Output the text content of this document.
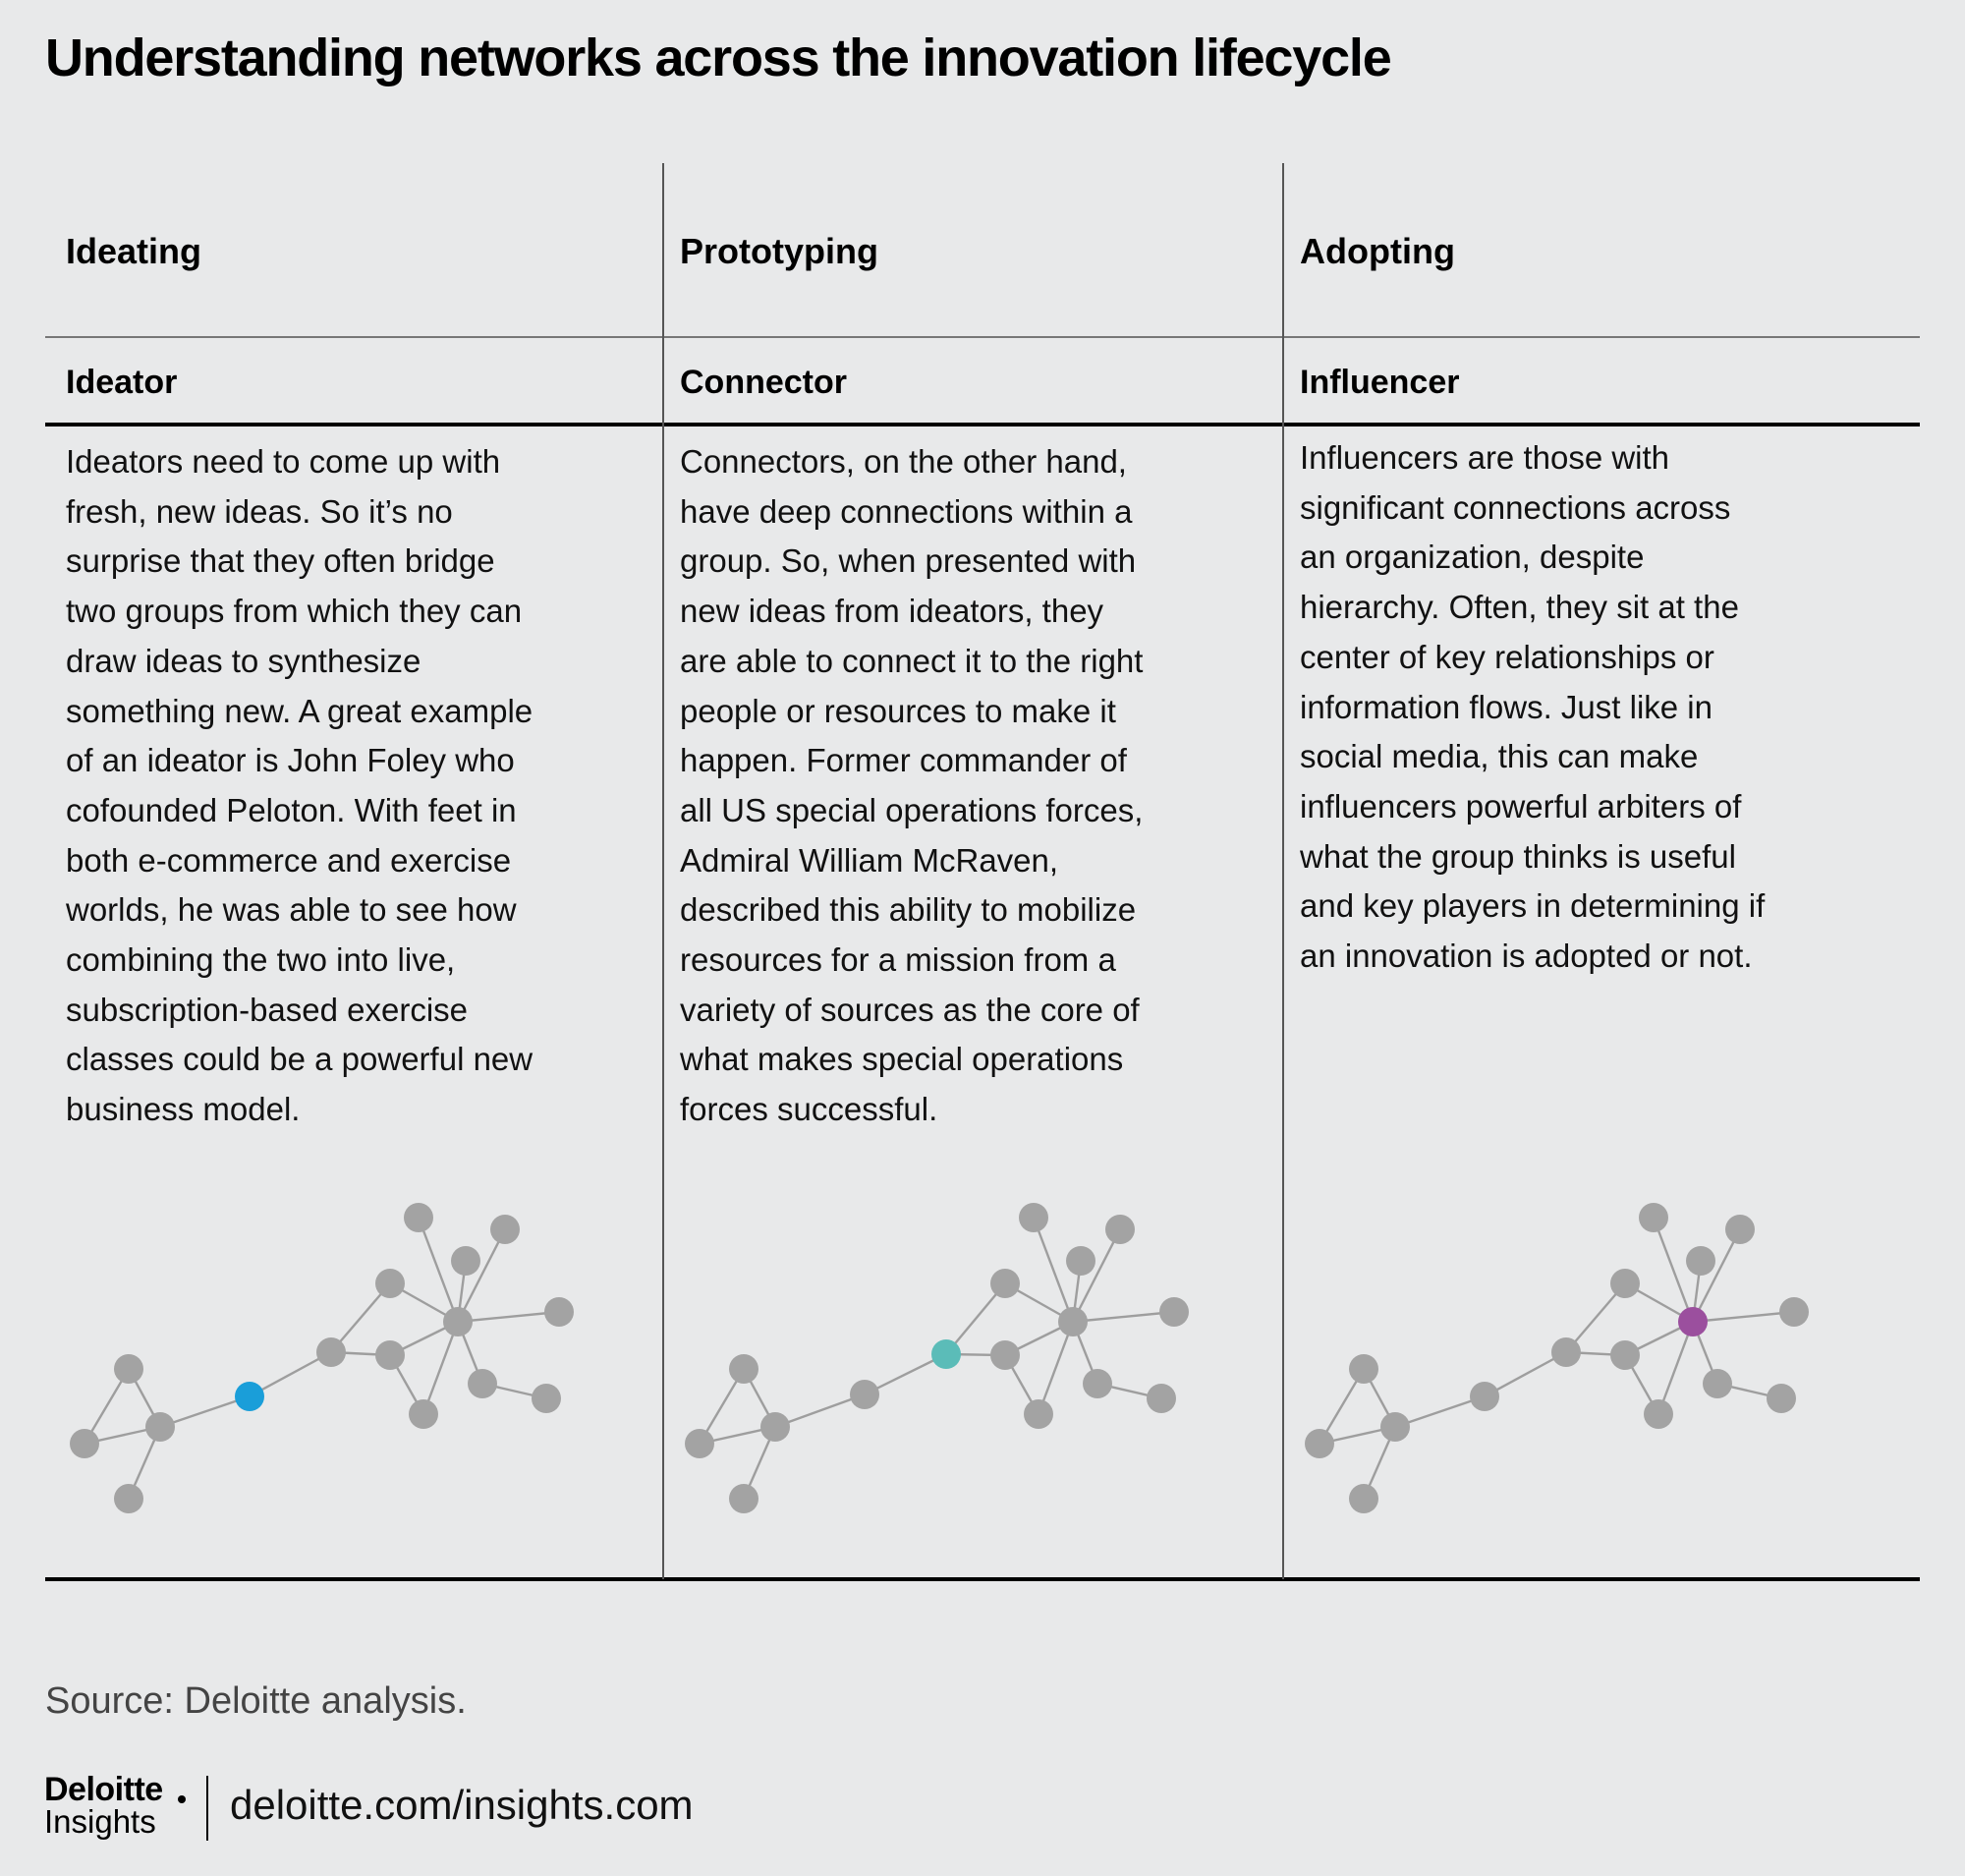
Understanding networks across the innovation lifecycle
Ideating
Ideator
Ideators need to come up with fresh, new ideas. So it’s no surprise that they often bridge two groups from which they can draw ideas to synthesize something new. A great example of an ideator is John Foley who cofounded Peloton. With feet in both e-commerce and exercise worlds, he was able to see how combining the two into live, subscription-based exercise classes could be a powerful new business model.
Prototyping
Connector
Connectors, on the other hand, have deep connections within a group. So, when presented with new ideas from ideators, they are able to connect it to the right people or resources to make it happen. Former commander of all US special operations forces, Admiral William McRaven, described this ability to mobilize resources for a mission from a variety of sources as the core of what makes special operations forces successful.
Adopting
Influencer
Influencers are those with significant connections across an organization, despite hierarchy. Often, they sit at the center of key relationships or information flows. Just like in social media, this can make influencers powerful arbiters of what the group thinks is useful and key players in determining if an innovation is adopted or not.
Source: Deloitte analysis.
Deloitte
Insights deloitte.com/insights.com
